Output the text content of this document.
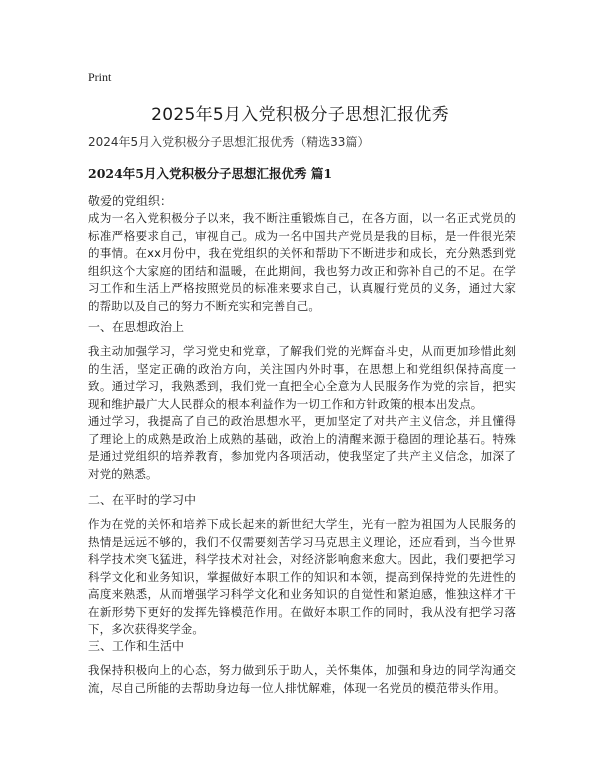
Print
2025年5月入党积极分子思想汇报优秀
2024年5月入党积极分子思想汇报优秀（精选33篇）
2024年5月入党积极分子思想汇报优秀 篇1
敬爱的党组织：

成为一名入党积极分子以来，我不断注重锻炼自己，在各方面，以一名正式党员的标准严格要求自己，审视自己。成为一名中国共产党员是我的目标，是一件很光荣的事情。在xx月份中，我在党组织的关怀和帮助下不断进步和成长，充分熟悉到党组织这个大家庭的团结和温暖，在此期间，我也努力改正和弥补自己的不足。在学习工作和生活上严格按照党员的标准来要求自己，认真履行党员的义务，通过大家的帮助以及自己的努力不断充实和完善自己。

一、在思想政治上

我主动加强学习，学习党史和党章，了解我们党的光辉奋斗史，从而更加珍惜此刻的生活，坚定正确的政治方向，关注国内外时事，在思想上和党组织保持高度一致。通过学习，我熟悉到，我们党一直把全心全意为人民服务作为党的宗旨，把实现和维护最广大人民群众的根本利益作为一切工作和方针政策的根本出发点。

通过学习，我提高了自己的政治思想水平，更加坚定了对共产主义信念，并且懂得了理论上的成熟是政治上成熟的基础，政治上的清醒来源于稳固的理论基石。特殊是通过党组织的培养教育，参加党内各项活动，使我坚定了共产主义信念，加深了对党的熟悉。

二、在平时的学习中

作为在党的关怀和培养下成长起来的新世纪大学生，光有一腔为祖国为人民服务的热情是远远不够的，我们不仅需要刻苦学习马克思主义理论，还应看到，当今世界科学技术突飞猛进，科学技术对社会，对经济影响愈来愈大。因此，我们要把学习科学文化和业务知识，掌握做好本职工作的知识和本领，提高到保持党的先进性的高度来熟悉，从而增强学习科学文化和业务知识的自觉性和紧迫感，惟独这样才干在新形势下更好的发挥先锋模范作用。在做好本职工作的同时，我从没有把学习落下，多次获得奖学金。

三、工作和生活中

我保持积极向上的心态，努力做到乐于助人，关怀集体，加强和身边的同学沟通交流，尽自己所能的去帮助身边每一位人排忧解难，体现一名党员的模范带头作用。
